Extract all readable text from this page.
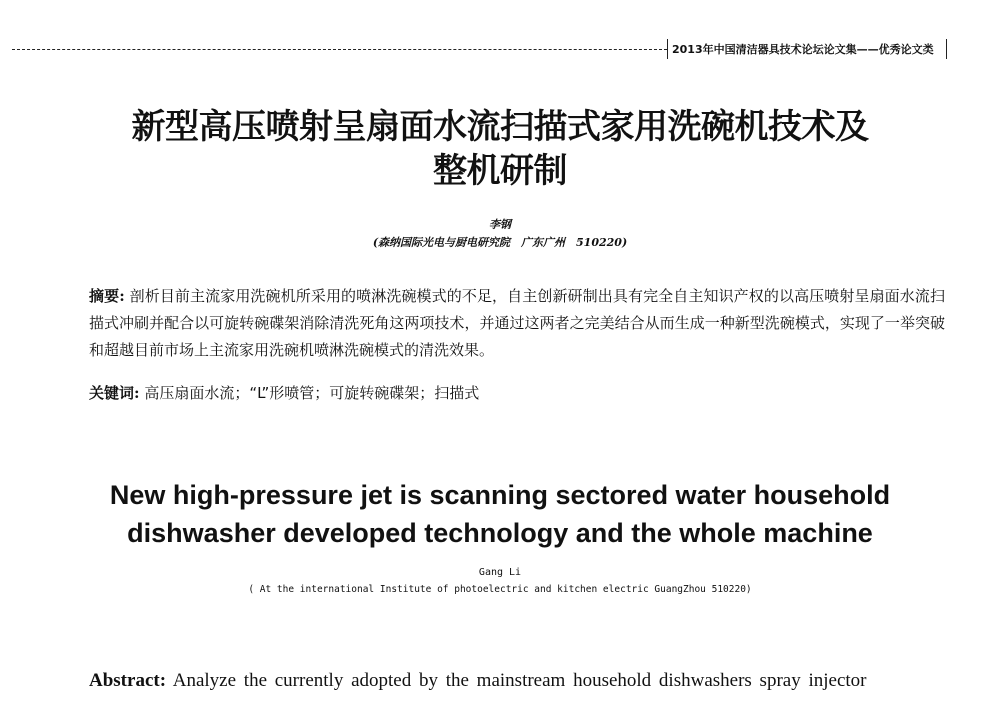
2013年中国清洁器具技术论坛论文集——优秀论文类
新型高压喷射呈扇面水流扫描式家用洗碗机技术及
整机研制
李钢
(森纳国际光电与厨电研究院　广东广州　510220)
摘要: 剖析目前主流家用洗碗机所采用的喷淋洗碗模式的不足，自主创新研制出具有完全自主知识产权的以高压喷射呈扇面水流扫描式冲刷并配合以可旋转碗碟架消除清洗死角这两项技术，并通过这两者之完美结合从而生成一种新型洗碗模式，实现了一举突破和超越目前市场上主流家用洗碗机喷淋洗碗模式的清洗效果。
关键词: 高压扇面水流；“L”形喷管；可旋转碗碟架；扫描式
New high-pressure jet is scanning sectored water household
dishwasher developed technology and the whole machine
Gang Li
( At the international Institute of photoelectric and kitchen electric GuangZhou 510220)
Abstract: Analyze the currently adopted by the mainstream household dishwashers spray injector
